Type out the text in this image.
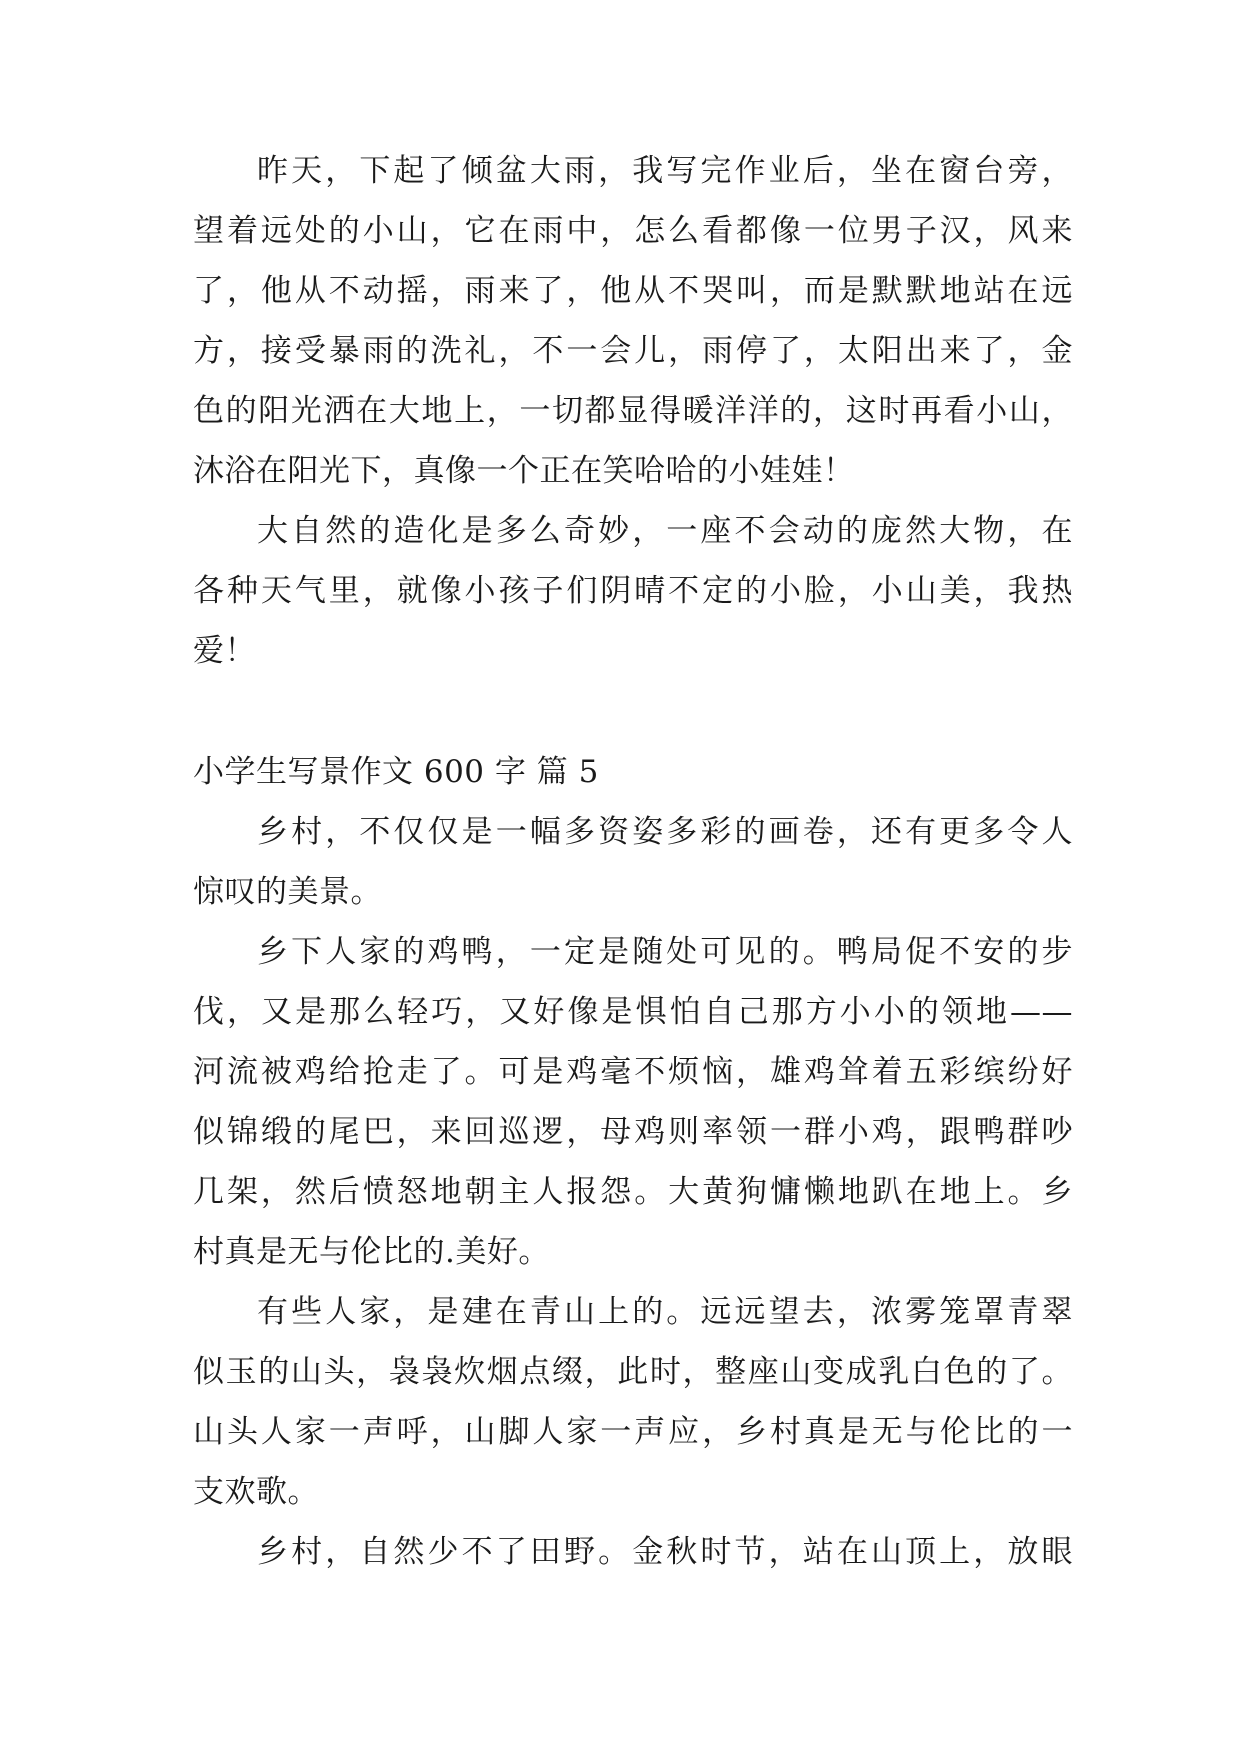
昨天，下起了倾盆大雨，我写完作业后，坐在窗台旁，
望着远处的小山，它在雨中，怎么看都像一位男子汉，风来
了，他从不动摇，雨来了，他从不哭叫，而是默默地站在远
方，接受暴雨的洗礼，不一会儿，雨停了，太阳出来了，金
色的阳光洒在大地上，一切都显得暖洋洋的，这时再看小山，
沐浴在阳光下，真像一个正在笑哈哈的小娃娃！
大自然的造化是多么奇妙，一座不会动的庞然大物，在
各种天气里，就像小孩子们阴晴不定的小脸，小山美，我热
爱！
小学生写景作文 600 字 篇 5
乡村，不仅仅是一幅多资姿多彩的画卷，还有更多令人
惊叹的美景。
乡下人家的鸡鸭，一定是随处可见的。鸭局促不安的步
伐，又是那么轻巧，又好像是惧怕自己那方小小的领地——
河流被鸡给抢走了。可是鸡毫不烦恼，雄鸡耸着五彩缤纷好
似锦缎的尾巴，来回巡逻，母鸡则率领一群小鸡，跟鸭群吵
几架，然后愤怒地朝主人报怨。大黄狗慵懒地趴在地上。乡
村真是无与伦比的.美好。
有些人家，是建在青山上的。远远望去，浓雾笼罩青翠
似玉的山头，袅袅炊烟点缀，此时，整座山变成乳白色的了。
山头人家一声呼，山脚人家一声应，乡村真是无与伦比的一
支欢歌。
乡村，自然少不了田野。金秋时节，站在山顶上，放眼
